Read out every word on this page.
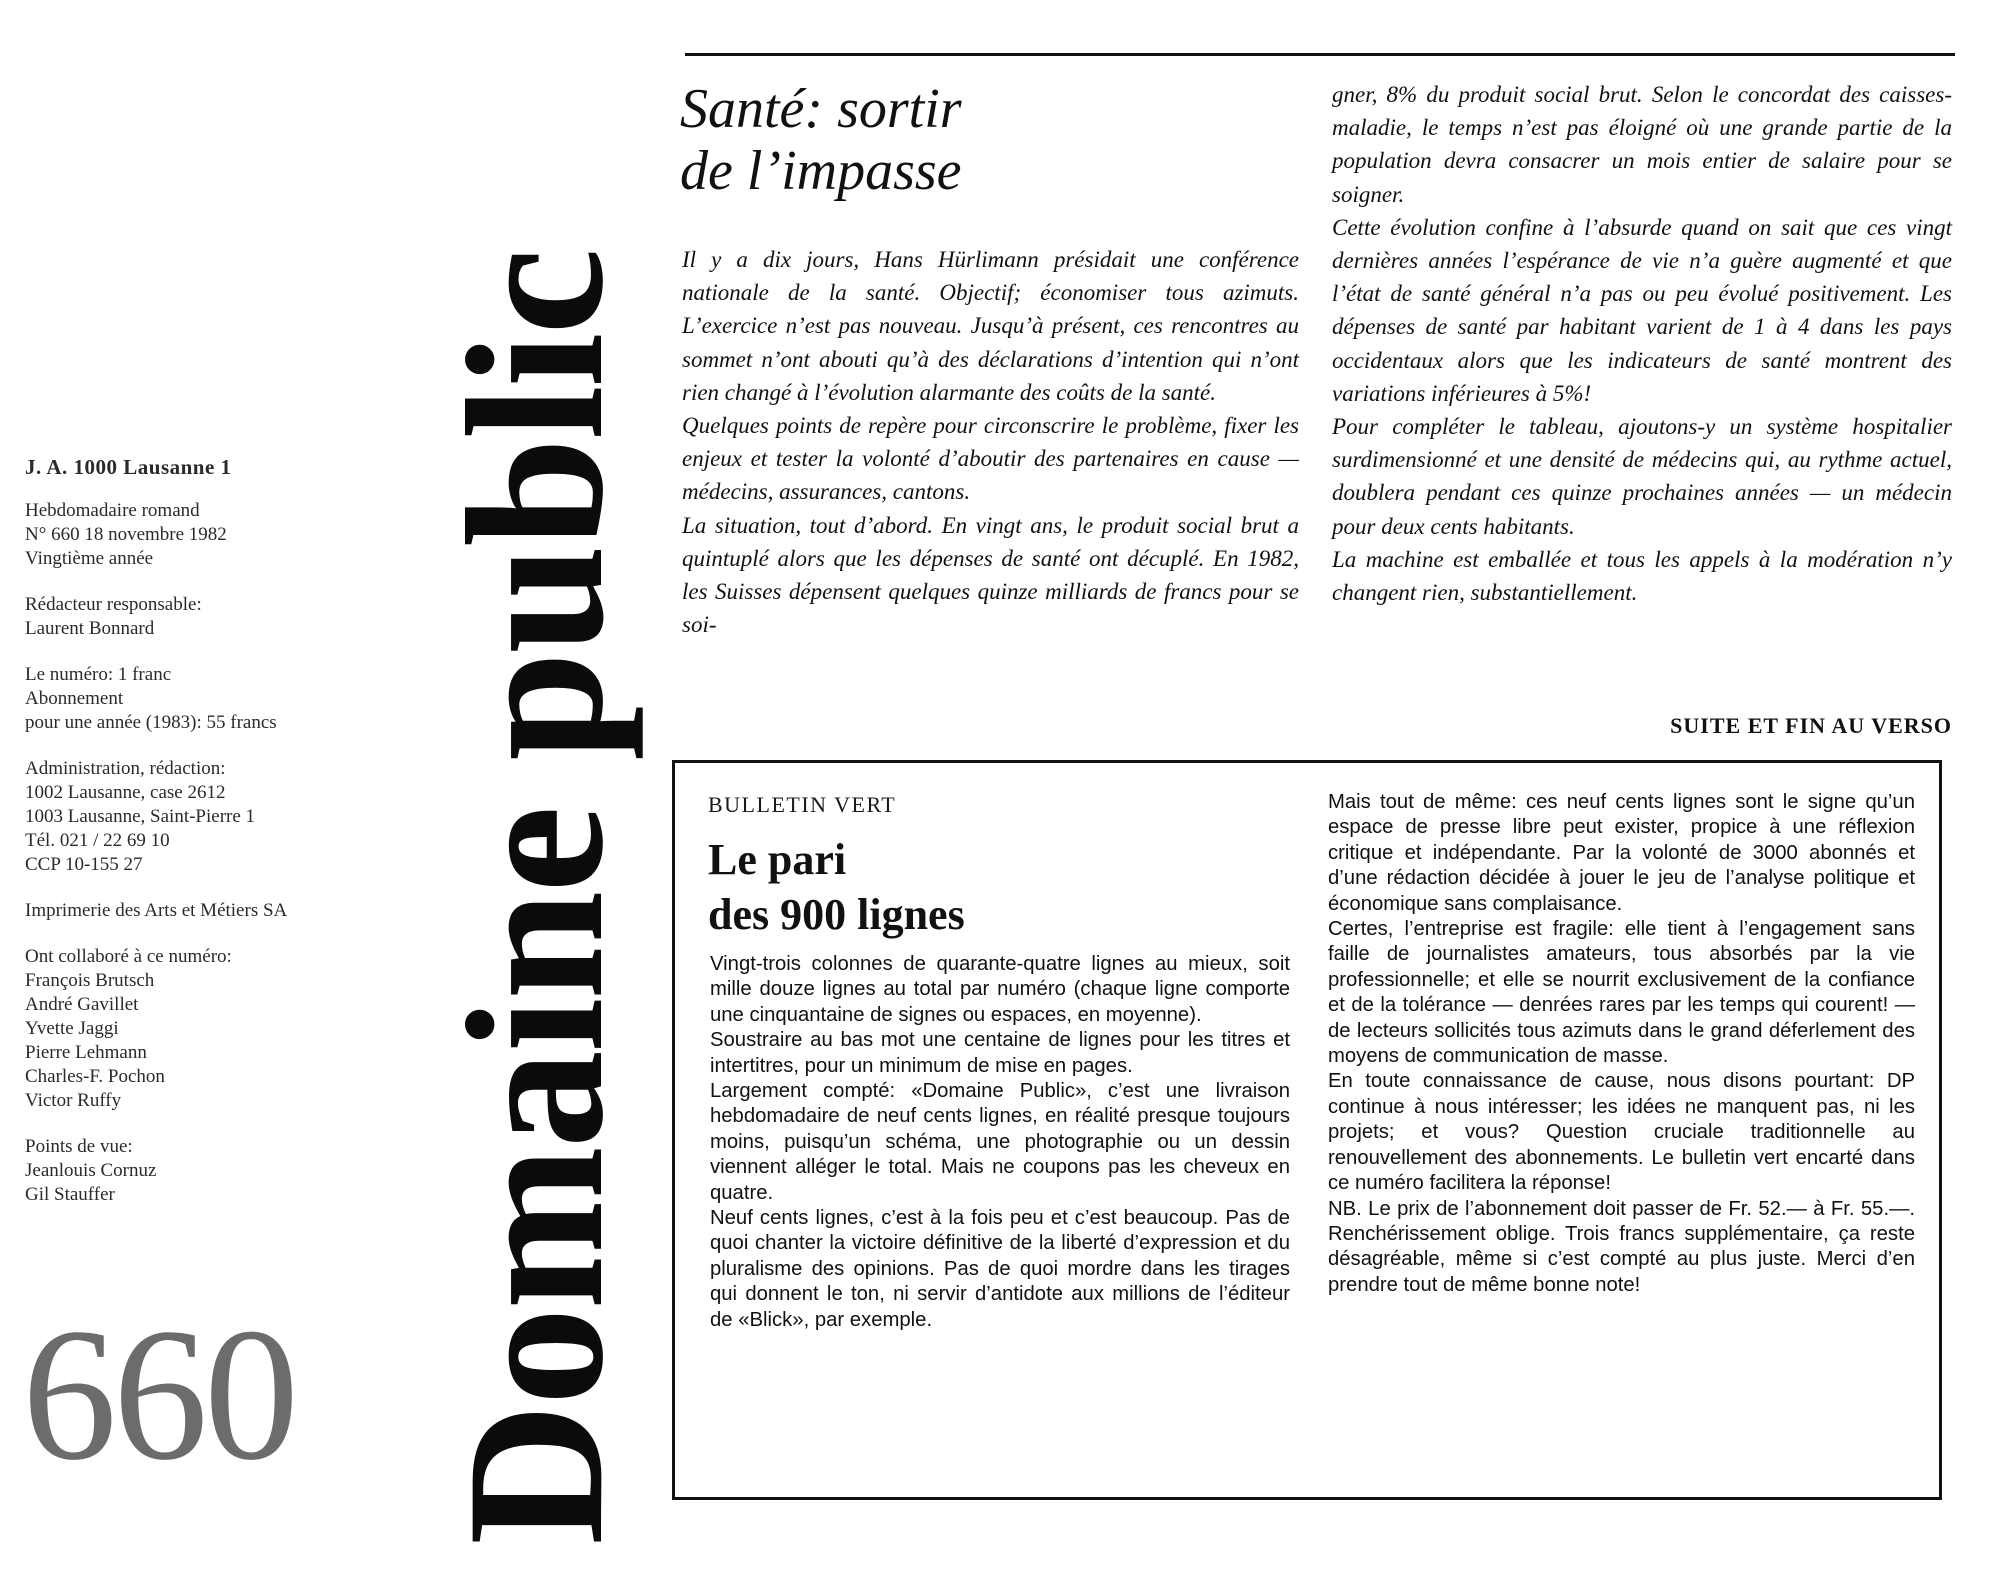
J. A. 1000 Lausanne 1
Hebdomadaire romand
N° 660 18 novembre 1982
Vingtième année
Rédacteur responsable:
Laurent Bonnard
Le numéro: 1 franc
Abonnement
pour une année (1983): 55 francs
Administration, rédaction:
1002 Lausanne, case 2612
1003 Lausanne, Saint-Pierre 1
Tél. 021 / 22 69 10
CCP 10-155 27
Imprimerie des Arts et Métiers SA
Ont collaboré à ce numéro:
François Brutsch
André Gavillet
Yvette Jaggi
Pierre Lehmann
Charles-F. Pochon
Victor Ruffy
Points de vue:
Jeanlouis Cornuz
Gil Stauffer
660 Domaine public
Santé: sortir
de l’impasse

Il y a dix jours, Hans Hürlimann présidait une conférence nationale de la santé. Objectif; économiser tous azimuts. L’exercice n’est pas nouveau. Jusqu’à présent, ces rencontres au sommet n’ont abouti qu’à des déclarations d’intention qui n’ont rien changé à l’évolution alarmante des coûts de la santé.

Quelques points de repère pour circonscrire le problème, fixer les enjeux et tester la volonté d’aboutir des partenaires en cause — médecins, assurances, cantons.

La situation, tout d’abord. En vingt ans, le produit social brut a quintuplé alors que les dépenses de santé ont décuplé. En 1982, les Suisses dépensent quelques quinze milliards de francs pour se soi-

gner, 8% du produit social brut. Selon le concordat des caisses-maladie, le temps n’est pas éloigné où une grande partie de la population devra consacrer un mois entier de salaire pour se soigner.

Cette évolution confine à l’absurde quand on sait que ces vingt dernières années l’espérance de vie n’a guère augmenté et que l’état de santé général n’a pas ou peu évolué positivement. Les dépenses de santé par habitant varient de 1 à 4 dans les pays occidentaux alors que les indicateurs de santé montrent des variations inférieures à 5%!

Pour compléter le tableau, ajoutons-y un système hospitalier surdimensionné et une densité de médecins qui, au rythme actuel, doublera pendant ces quinze prochaines années — un médecin pour deux cents habitants.

La machine est emballée et tous les appels à la modération n’y changent rien, substantiellement.

SUITE ET FIN AU VERSO
BULLETIN VERT
Le pari
des 900 lignes

Vingt-trois colonnes de quarante-quatre lignes au mieux, soit mille douze lignes au total par numéro (chaque ligne comporte une cinquantaine de signes ou espaces, en moyenne).

Soustraire au bas mot une centaine de lignes pour les titres et intertitres, pour un minimum de mise en pages.

Largement compté: «Domaine Public», c’est une livraison hebdomadaire de neuf cents lignes, en réalité presque toujours moins, puisqu’un schéma, une photographie ou un dessin viennent alléger le total. Mais ne coupons pas les cheveux en quatre.

Neuf cents lignes, c’est à la fois peu et c’est beaucoup. Pas de quoi chanter la victoire définitive de la liberté d’expression et du pluralisme des opinions. Pas de quoi mordre dans les tirages qui donnent le ton, ni servir d’antidote aux millions de l’éditeur de «Blick», par exemple.

Mais tout de même: ces neuf cents lignes sont le signe qu’un espace de presse libre peut exister, propice à une réflexion critique et indépendante. Par la volonté de 3000 abonnés et d’une rédaction décidée à jouer le jeu de l’analyse politique et économique sans complaisance.

Certes, l’entreprise est fragile: elle tient à l’engagement sans faille de journalistes amateurs, tous absorbés par la vie professionnelle; et elle se nourrit exclusivement de la confiance et de la tolérance — denrées rares par les temps qui courent! — de lecteurs sollicités tous azimuts dans le grand déferlement des moyens de communication de masse.

En toute connaissance de cause, nous disons pourtant: DP continue à nous intéresser; les idées ne manquent pas, ni les projets; et vous? Question cruciale traditionnelle au renouvellement des abonnements. Le bulletin vert encarté dans ce numéro facilitera la réponse!

NB. Le prix de l’abonnement doit passer de Fr. 52.— à Fr. 55.—. Renchérissement oblige. Trois francs supplémentaire, ça reste désagréable, même si c’est compté au plus juste. Merci d’en prendre tout de même bonne note!
